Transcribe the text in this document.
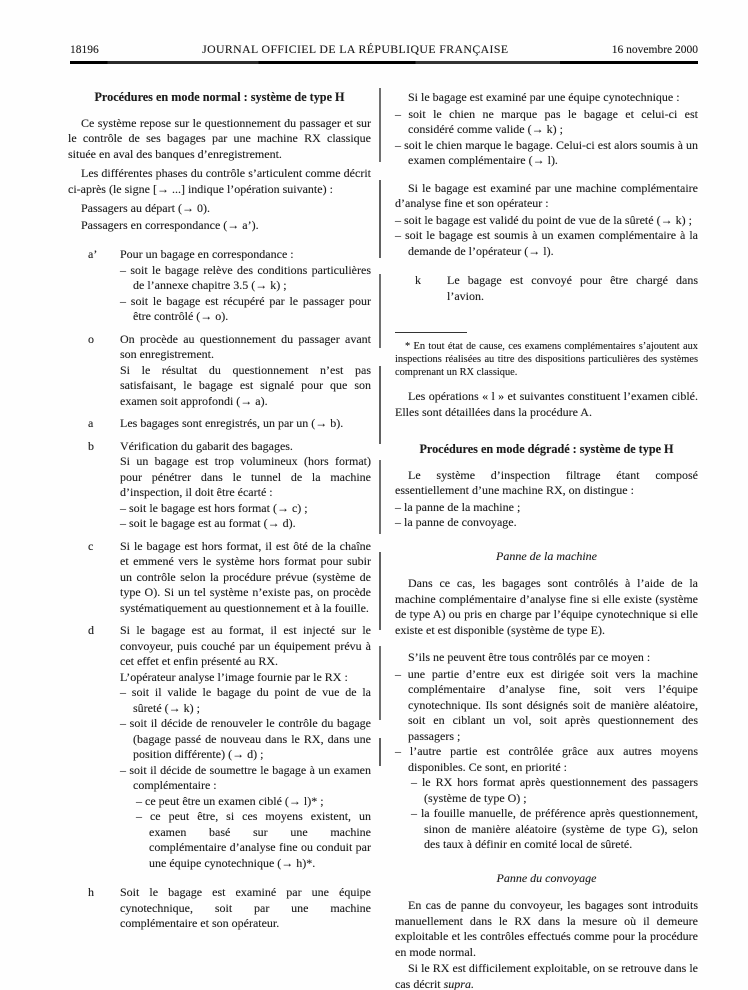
18196	JOURNAL OFFICIEL DE LA RÉPUBLIQUE FRANÇAISE	16 novembre 2000
Procédures en mode normal : système de type H

Ce système repose sur le questionnement du passager et sur le contrôle de ses bagages par une machine RX classique située en aval des banques d’enregistrement.

Les différentes phases du contrôle s’articulent comme décrit ci-après (le signe [→ ...] indique l’opération suivante) :

Passagers au départ (→ 0).

Passagers en correspondance (→ a’).

a’	Pour un bagage en correspondance :
– soit le bagage relève des conditions particulières de l’annexe chapitre 3.5 (→ k) ;
– soit le bagage est récupéré par le passager pour être contrôlé (→ o).
o	On procède au questionnement du passager avant son enregistrement.
Si le résultat du questionnement n’est pas satisfaisant, le bagage est signalé pour que son examen soit approfondi (→ a).
a	Les bagages sont enregistrés, un par un (→ b).
b	Vérification du gabarit des bagages.
Si un bagage est trop volumineux (hors format) pour pénétrer dans le tunnel de la machine d’inspection, il doit être écarté :
– soit le bagage est hors format (→ c) ;
– soit le bagage est au format (→ d).
c	Si le bagage est hors format, il est ôté de la chaîne et emmené vers le système hors format pour subir un contrôle selon la procédure prévue (système de type O). Si un tel système n’existe pas, on procède systématiquement au questionnement et à la fouille.
d	Si le bagage est au format, il est injecté sur le convoyeur, puis couché par un équipement prévu à cet effet et enfin présenté au RX.
L’opérateur analyse l’image fournie par le RX :
– soit il valide le bagage du point de vue de la sûreté (→ k) ;
– soit il décide de renouveler le contrôle du bagage (bagage passé de nouveau dans le RX, dans une position différente) (→ d) ;
– soit il décide de soumettre le bagage à un examen complémentaire :
– ce peut être un examen ciblé (→ l)* ;
– ce peut être, si ces moyens existent, un examen basé sur une machine complémentaire d’analyse fine ou conduit par une équipe cynotechnique (→ h)*.
h	Soit le bagage est examiné par une équipe cynotechnique, soit par une machine complémentaire et son opérateur.

Si le bagage est examiné par une équipe cynotechnique :

– soit le chien ne marque pas le bagage et celui-ci est considéré comme valide (→ k) ;
– soit le chien marque le bagage. Celui-ci est alors soumis à un examen complémentaire (→ l).

Si le bagage est examiné par une machine complémentaire d’analyse fine et son opérateur :

– soit le bagage est validé du point de vue de la sûreté (→ k) ;
– soit le bagage est soumis à un examen complémentaire à la demande de l’opérateur (→ l).
k	Le bagage est convoyé pour être chargé dans l’avion.

* En tout état de cause, ces examens complémentaires s’ajoutent aux inspections réalisées au titre des dispositions particulières des systèmes comprenant un RX classique.

Les opérations « l » et suivantes constituent l’examen ciblé. Elles sont détaillées dans la procédure A.

Procédures en mode dégradé : système de type H

Le système d’inspection filtrage étant composé essentiellement d’une machine RX, on distingue :

– la panne de la machine ;
– la panne de convoyage.
Panne de la machine

Dans ce cas, les bagages sont contrôlés à l’aide de la machine complémentaire d’analyse fine si elle existe (système de type A) ou pris en charge par l’équipe cynotechnique si elle existe et est disponible (système de type E).

S’ils ne peuvent être tous contrôlés par ce moyen :

– une partie d’entre eux est dirigée soit vers la machine complémentaire d’analyse fine, soit vers l’équipe cynotechnique. Ils sont désignés soit de manière aléatoire, soit en ciblant un vol, soit après questionnement des passagers ;
– l’autre partie est contrôlée grâce aux autres moyens disponibles. Ce sont, en priorité :
– le RX hors format après questionnement des passagers (système de type O) ;
– la fouille manuelle, de préférence après questionnement, sinon de manière aléatoire (système de type G), selon des taux à définir en comité local de sûreté.
Panne du convoyage

En cas de panne du convoyeur, les bagages sont introduits manuellement dans le RX dans la mesure où il demeure exploitable et les contrôles effectués comme pour la procédure en mode normal.

Si le RX est difficilement exploitable, on se retrouve dans le cas décrit supra.
